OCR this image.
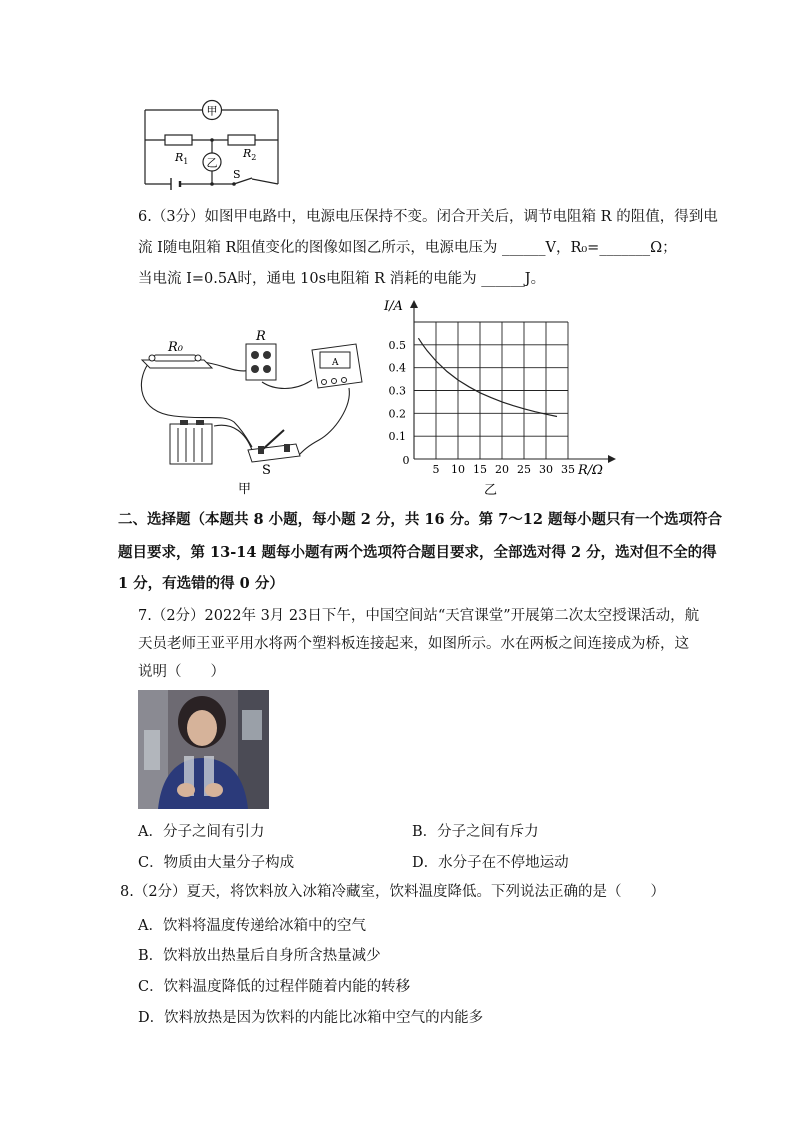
甲
$R_1$
$R_2$
乙
S
6.（3分）如图甲电路中，电源电压保持不变。闭合开关后，调节电阻箱 R 的阻值，得到电
流 I随电阻箱 R阻值变化的图像如图乙所示，电源电压为 ______V，R₀=_______Ω；
当电流 I=0.5A时，通电 10s电阻箱 R 消耗的电能为 ______J。
R₀
R
A
S
甲
5 10 15 20 25 30 35
0.1
0.2
0.3
0.4
0.5
I/A
R/Ω
乙
0
二、选择题（本题共 8 小题，每小题 2 分，共 16 分。第 7～12 题每小题只有一个选项符合
题目要求，第 13-14 题每小题有两个选项符合题目要求，全部选对得 2 分，选对但不全的得
1 分，有选错的得 0 分）
7.（2分）2022年 3月 23日下午，中国空间站“天宫课堂”开展第二次太空授课活动，航
天员老师王亚平用水将两个塑料板连接起来，如图所示。水在两板之间连接成为桥，这
说明（　　）
A．分子之间有引力	B．分子之间有斥力
C．物质由大量分子构成	D．水分子在不停地运动
8.（2分）夏天，将饮料放入冰箱冷藏室，饮料温度降低。下列说法正确的是（　　）
A．饮料将温度传递给冰箱中的空气
B．饮料放出热量后自身所含热量减少
C．饮料温度降低的过程伴随着内能的转移
D．饮料放热是因为饮料的内能比冰箱中空气的内能多
